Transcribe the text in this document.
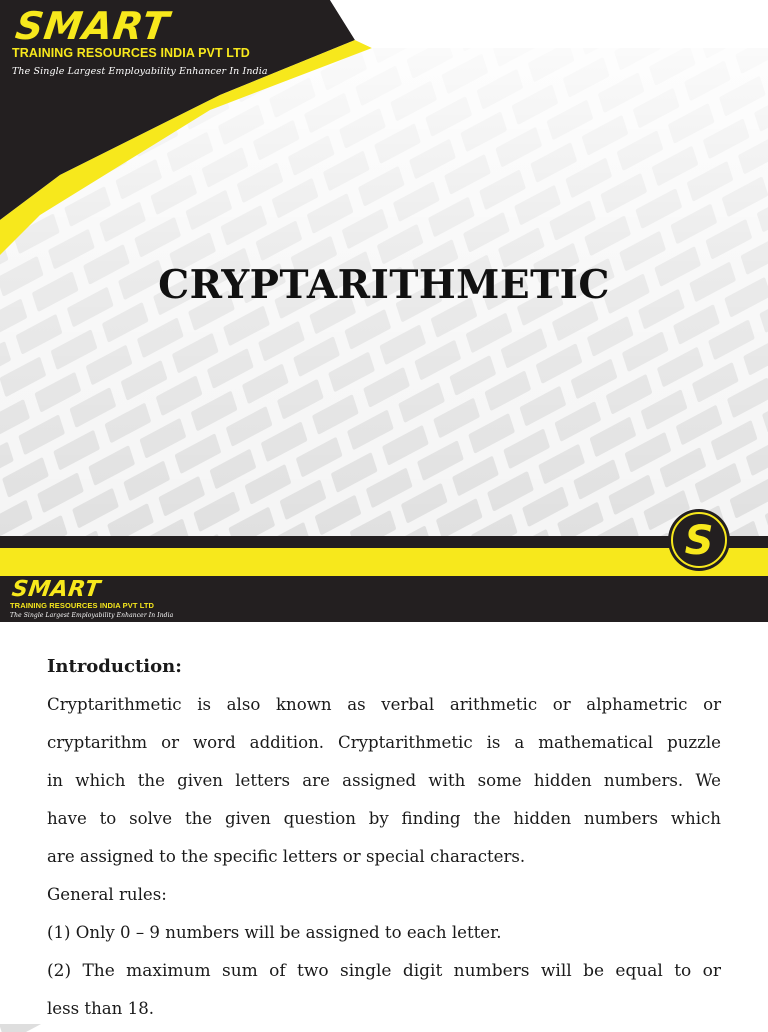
SMART
TRAINING RESOURCES INDIA PVT LTD
The Single Largest Employability Enhancer In India
CRYPTARITHMETIC
S
SMART
TRAINING RESOURCES INDIA PVT LTD
The Single Largest Employability Enhancer In India

Introduction:

Cryptarithmetic is also known as verbal arithmetic or alphametric or
cryptarithm or word addition. Cryptarithmetic is a mathematical puzzle
in which the given letters are assigned with some hidden numbers. We
have to solve the given question by finding the hidden numbers which
are assigned to the specific letters or special characters.
General rules:
(1) Only 0 – 9 numbers will be assigned to each letter.
(2) The maximum sum of two single digit numbers will be equal to or
less than 18.
